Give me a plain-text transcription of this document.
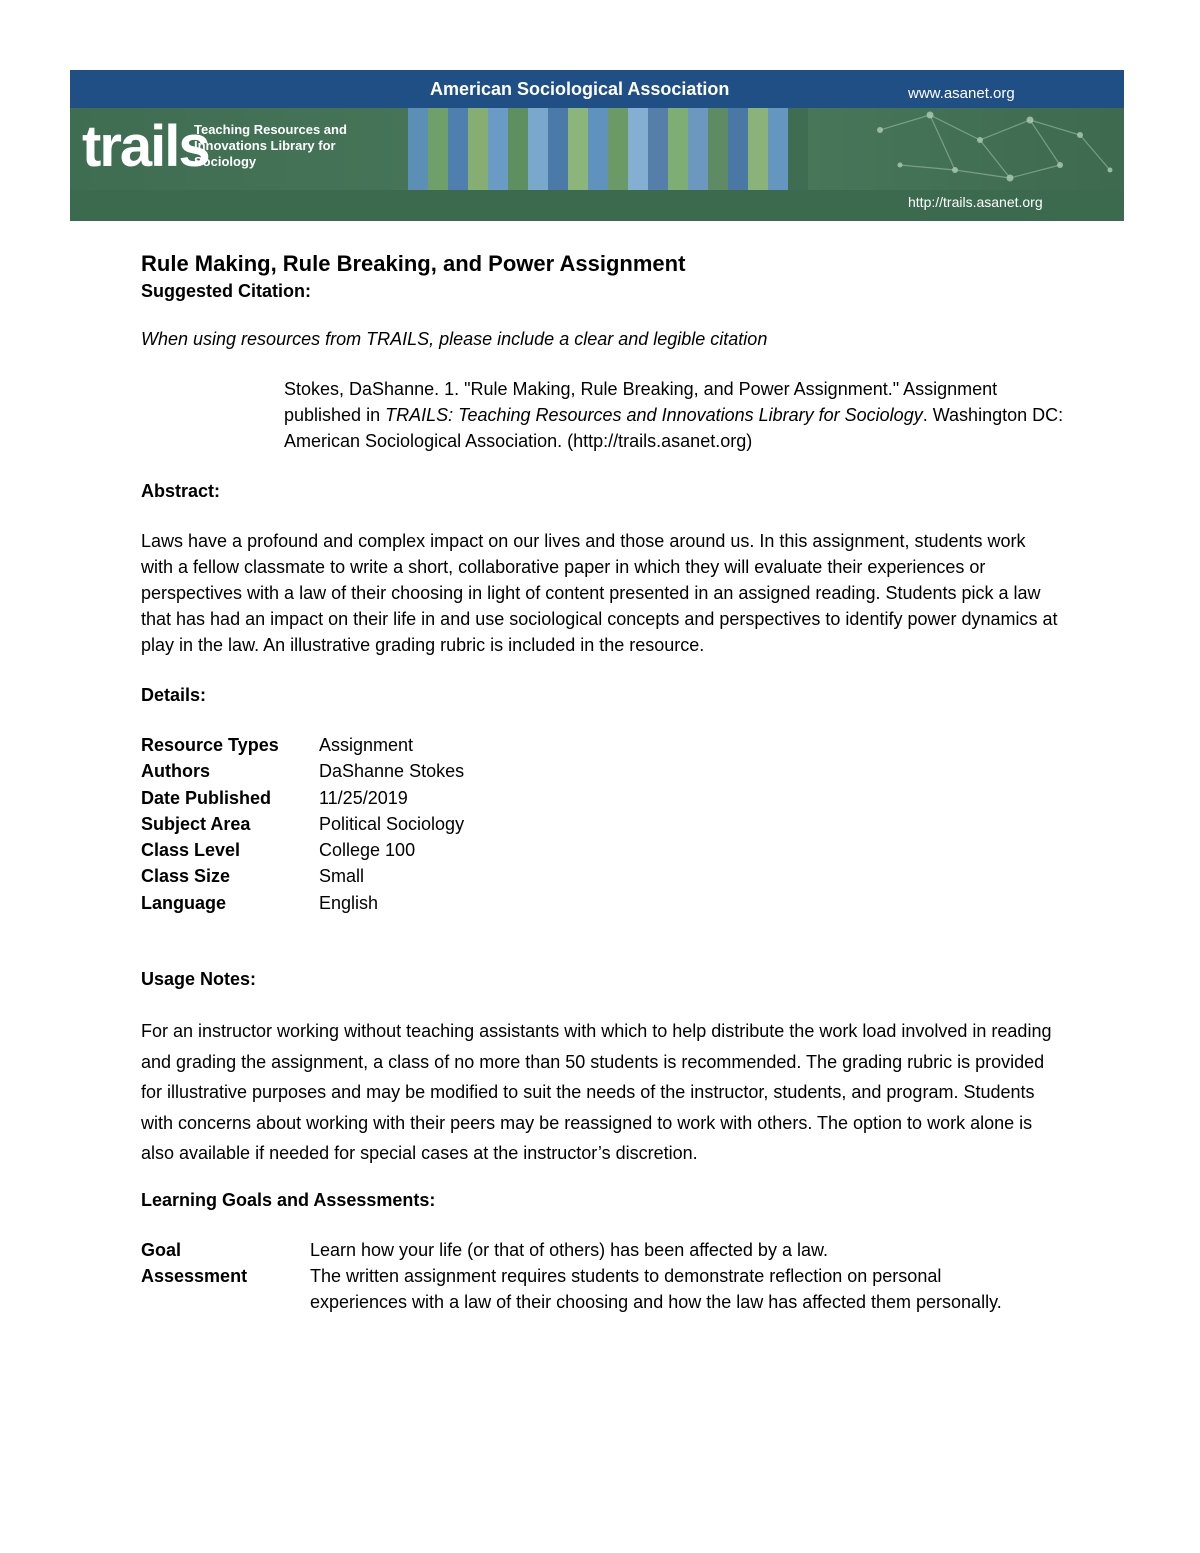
American Sociological Association	www.asanet.org
trails
Teaching Resources and Innovations Library for Sociology
http://trails.asanet.org
Rule Making, Rule Breaking, and Power Assignment

Suggested Citation:

When using resources from TRAILS, please include a clear and legible citation

Stokes, DaShanne. 1. "Rule Making, Rule Breaking, and Power Assignment." Assignment published in TRAILS: Teaching Resources and Innovations Library for Sociology. Washington DC: American Sociological Association. (http://trails.asanet.org)

Abstract:

Laws have a profound and complex impact on our lives and those around us. In this assignment, students work with a fellow classmate to write a short, collaborative paper in which they will evaluate their experiences or perspectives with a law of their choosing in light of content presented in an assigned reading. Students pick a law that has had an impact on their life in and use sociological concepts and perspectives to identify power dynamics at play in the law. An illustrative grading rubric is included in the resource.

Details:

Resource Types	Assignment
Authors	DaShanne Stokes
Date Published	11/25/2019
Subject Area	Political Sociology
Class Level	College 100
Class Size	Small
Language	English

Usage Notes:

For an instructor working without teaching assistants with which to help distribute the work load involved in reading and grading the assignment, a class of no more than 50 students is recommended. The grading rubric is provided for illustrative purposes and may be modified to suit the needs of the instructor, students, and program. Students with concerns about working with their peers may be reassigned to work with others. The option to work alone is also available if needed for special cases at the instructor’s discretion.

Learning Goals and Assessments:

Goal	Learn how your life (or that of others) has been affected by a law.
Assessment	The written assignment requires students to demonstrate reflection on personal experiences with a law of their choosing and how the law has affected them personally.
